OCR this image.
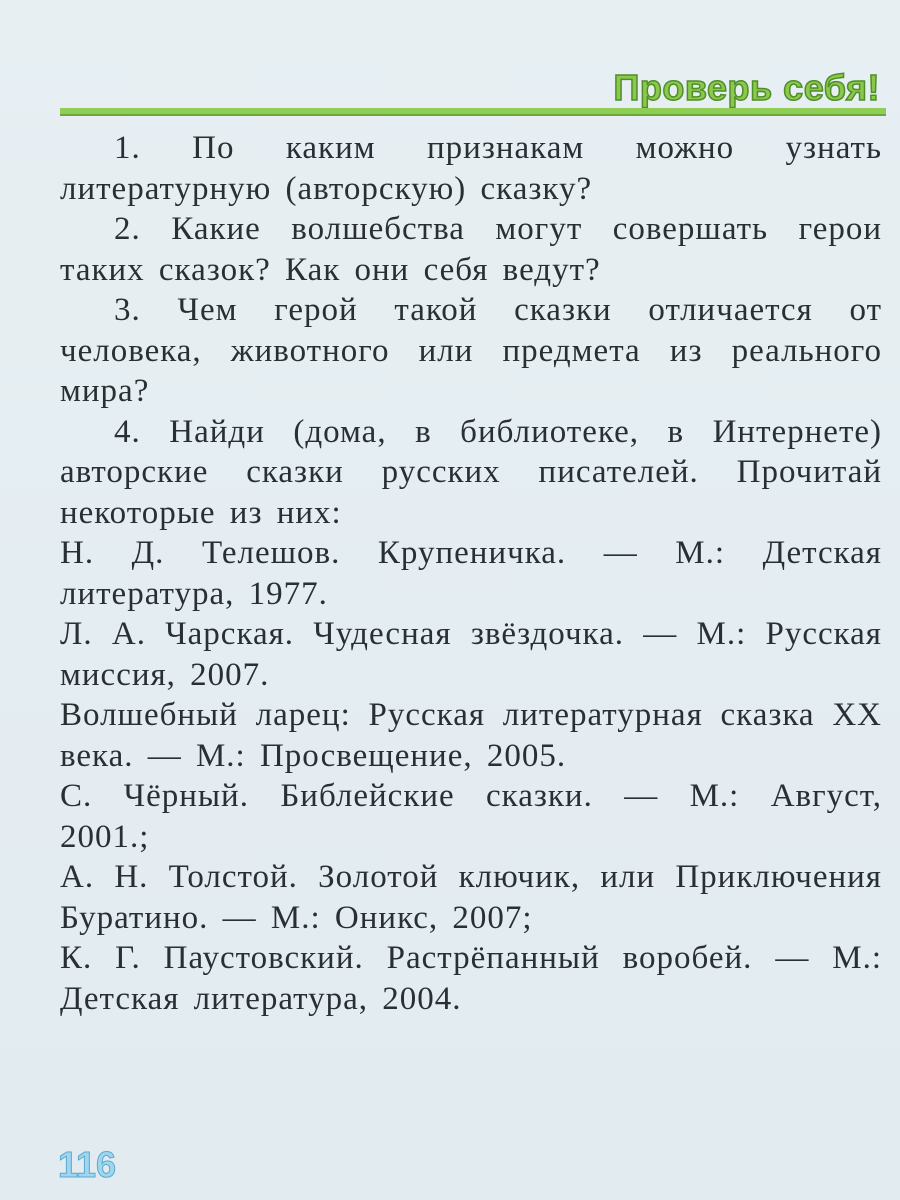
Проверь себя!

1. По каким признакам можно узнать литературную (авторскую) сказку?

2. Какие волшебства могут совершать герои таких сказок? Как они себя ведут?

3. Чем герой такой сказки отличается от человека, животного или предмета из реального мира?

4. Найди (дома, в библиотеке, в Интернете) авторские сказки русских писателей. Прочитай некоторые из них:

Н. Д. Телешов. Крупеничка. — М.: Детская литература, 1977.

Л. А. Чарская. Чудесная звёздочка. — М.: Русская миссия, 2007.

Волшебный ларец: Русская литературная сказка XX века. — М.: Просвещение, 2005.

С. Чёрный. Библейские сказки. — М.: Август, 2001.;

А. Н. Толстой. Золотой ключик, или Приключения Буратино. — М.: Оникс, 2007;

К. Г. Паустовский. Растрёпанный воробей. — М.: Детская литература, 2004.

116
